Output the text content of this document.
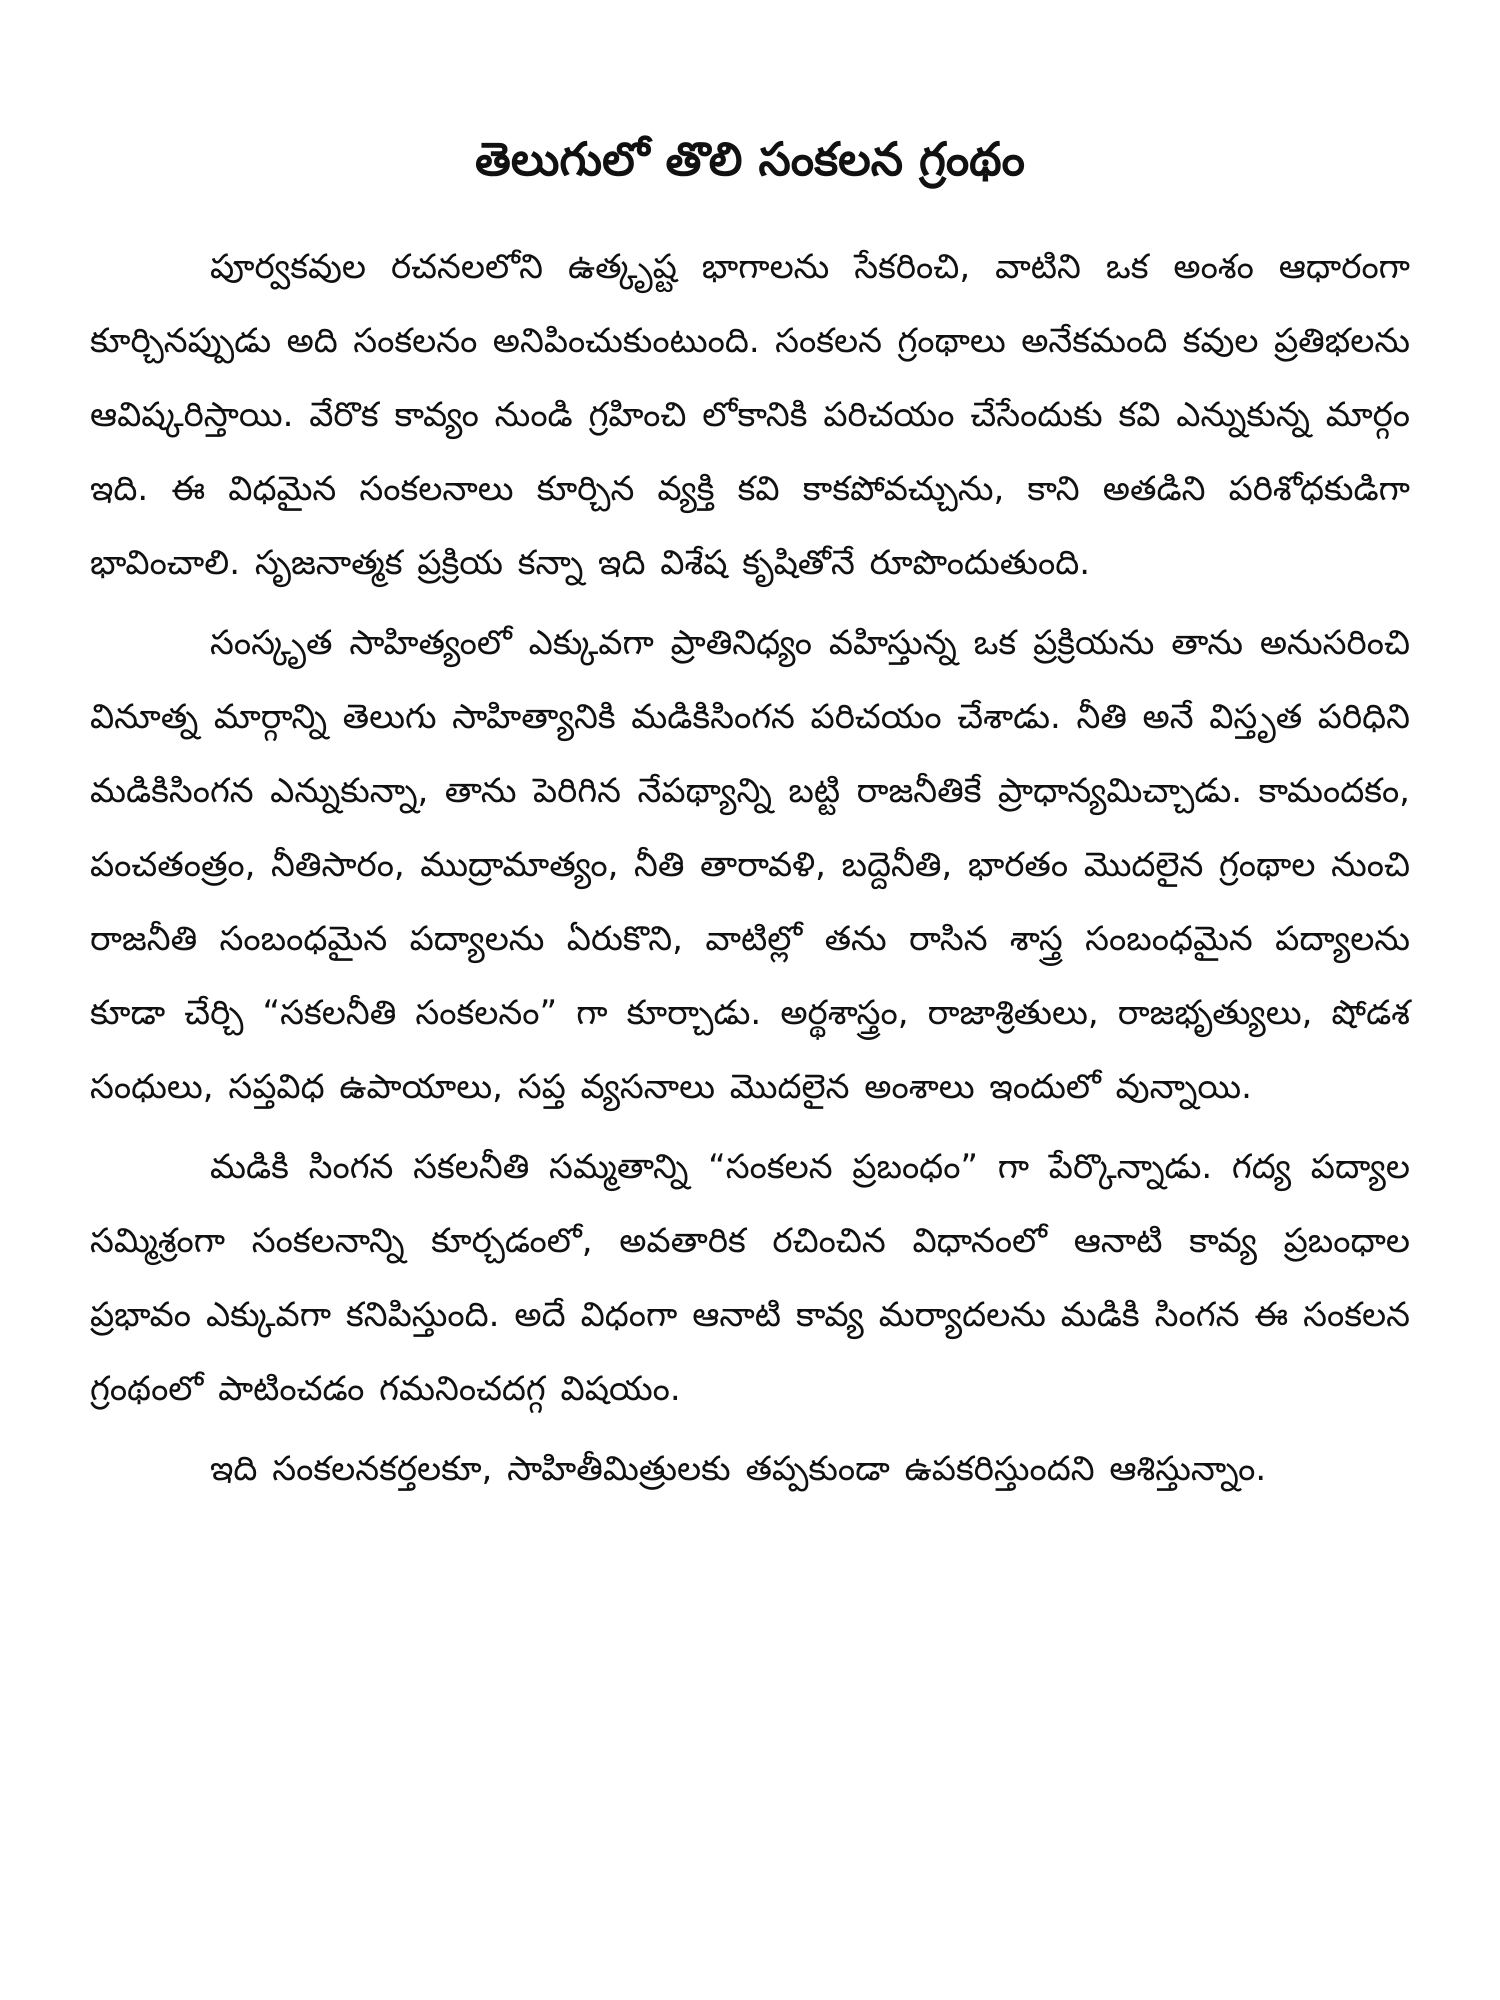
తెలుగులో తొలి సంకలన గ్రంథం

పూర్వకవుల రచనలలోని ఉత్కృష్ట భాగాలను సేకరించి, వాటిని ఒక అంశం ఆధారంగా కూర్చినప్పుడు అది సంకలనం అనిపించుకుంటుంది. సంకలన గ్రంథాలు అనేకమంది కవుల ప్రతిభలను ఆవిష్కరిస్తాయి. వేరొక కావ్యం నుండి గ్రహించి లోకానికి పరిచయం చేసేందుకు కవి ఎన్నుకున్న మార్గం ఇది. ఈ విధమైన సంకలనాలు కూర్చిన వ్యక్తి కవి కాకపోవచ్చును, కాని అతడిని పరిశోధకుడిగా భావించాలి. సృజనాత్మక ప్రక్రియ కన్నా ఇది విశేష కృషితోనే రూపొందుతుంది.

సంస్కృత సాహిత్యంలో ఎక్కువగా ప్రాతినిధ్యం వహిస్తున్న ఒక ప్రక్రియను తాను అనుసరించి వినూత్న మార్గాన్ని తెలుగు సాహిత్యానికి మడికిసింగన పరిచయం చేశాడు. నీతి అనే విస్తృత పరిధిని మడికిసింగన ఎన్నుకున్నా, తాను పెరిగిన నేపథ్యాన్ని బట్టి రాజనీతికే ప్రాధాన్యమిచ్చాడు. కామందకం, పంచతంత్రం, నీతిసారం, ముద్రామాత్యం, నీతి తారావళి, బద్దెనీతి, భారతం మొదలైన గ్రంథాల నుంచి రాజనీతి సంబంధమైన పద్యాలను ఏరుకొని, వాటిల్లో తను రాసిన శాస్త్ర సంబంధమైన పద్యాలను కూడా చేర్చి “సకలనీతి సంకలనం” గా కూర్చాడు. అర్థశాస్త్రం, రాజాశ్రితులు, రాజభృత్యులు, షోడశ సంధులు, సప్తవిధ ఉపాయాలు, సప్త వ్యసనాలు మొదలైన అంశాలు ఇందులో వున్నాయి.

మడికి సింగన సకలనీతి సమ్మతాన్ని “సంకలన ప్రబంధం” గా పేర్కొన్నాడు. గద్య పద్యాల సమ్మిశ్రంగా సంకలనాన్ని కూర్చడంలో, అవతారిక రచించిన విధానంలో ఆనాటి కావ్య ప్రబంధాల ప్రభావం ఎక్కువగా కనిపిస్తుంది. అదే విధంగా ఆనాటి కావ్య మర్యాదలను మడికి సింగన ఈ సంకలన గ్రంథంలో పాటించడం గమనించదగ్గ విషయం.

ఇది సంకలనకర్తలకూ, సాహితీమిత్రులకు తప్పకుండా ఉపకరిస్తుందని ఆశిస్తున్నాం.
